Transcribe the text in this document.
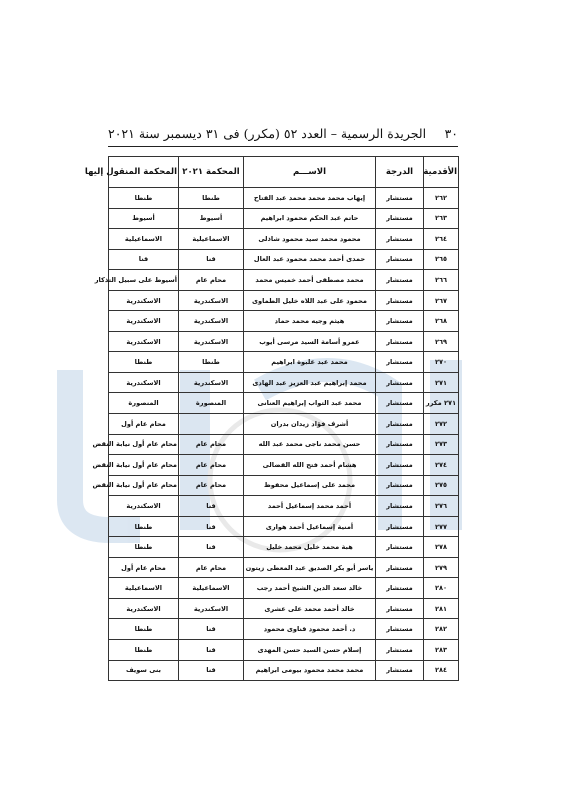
٣٠
الجريدة الرسمية – العدد ٥٢ (مكرر) فى ٣١ ديسمبر سنة ٢٠٢١
الأقدمية	الدرجة	الاســـم	المحكمة ٢٠٢١	المحكمة المنقول إليها
٢٦٢	مستشار	إيهاب محمد محمد محمد عبد الفتاح	طنطا	طنطا
٢٦٣	مستشار	حاتم عبد الحكم محمود ابراهيم	أسيوط	أسيوط
٢٦٤	مستشار	محمود محمد سيد محمود شاذلى	الاسماعيلية	الاسماعيلية
٢٦٥	مستشار	حمدى أحمد محمد محمود عبد العال	قنا	قنا
٢٦٦	مستشار	محمد مصطفى أحمد خميس محمد	محام عام	أسيوط على سبيل التذكار
٢٦٧	مستشار	محمود على عبد اللاه خليل الطماوى	الاسكندرية	الاسكندرية
٢٦٨	مستشار	هيثم وجيه محمد حماد	الاسكندرية	الاسكندرية
٢٦٩	مستشار	عمرو أسامة السيد مرسى أيوب	الاسكندرية	الاسكندرية
٢٧٠	مستشار	محمد عبد علبوة ابراهيم	طنطا	طنطا
٢٧١	مستشار	محمد إبراهيم عبد العزيز عبد الهادى	الاسكندرية	الاسكندرية
٢٧١ مكرر	مستشار	محمد عبد التواب إبراهيم العنانى	المنصورة	المنصورة
٢٧٢	مستشار	أشرف فؤاد زيدان بدران		محام عام أول
٢٧٣	مستشار	حسن محمد ناجى محمد عبد الله	محام عام	محام عام أول نيابة النقض
٢٧٤	مستشار	هشام أحمد فتح الله الفضالى	محام عام	محام عام أول نيابة النقض
٢٧٥	مستشار	محمد على إسماعيل محفوظ	محام عام	محام عام أول نيابة النقض
٢٧٦	مستشار	أحمد محمد إسماعيل أحمد	قنا	الاسكندرية
٢٧٧	مستشار	أمنية إسماعيل أحمد هوارى	قنا	طنطا
٢٧٨	مستشار	هبة محمد خليل محمد خليل	قنا	طنطا
٢٧٩	مستشار	ياسر أبو بكر الصديق عبد المعطى زيتون	محام عام	محام عام أول
٢٨٠	مستشار	خالد سعد الدين الشيخ أحمد رجب	الاسماعيلية	الاسماعيلية
٢٨١	مستشار	خالد أحمد محمد على عشرى	الاسكندرية	الاسكندرية
٢٨٢	مستشار	د. أحمد محمود قناوى محمود	قنا	طنطا
٢٨٣	مستشار	إسلام حسن السيد حسن المهدى	قنا	طنطا
٢٨٤	مستشار	محمد محمد محمود بيومى ابراهيم	قنا	بنى سويف
